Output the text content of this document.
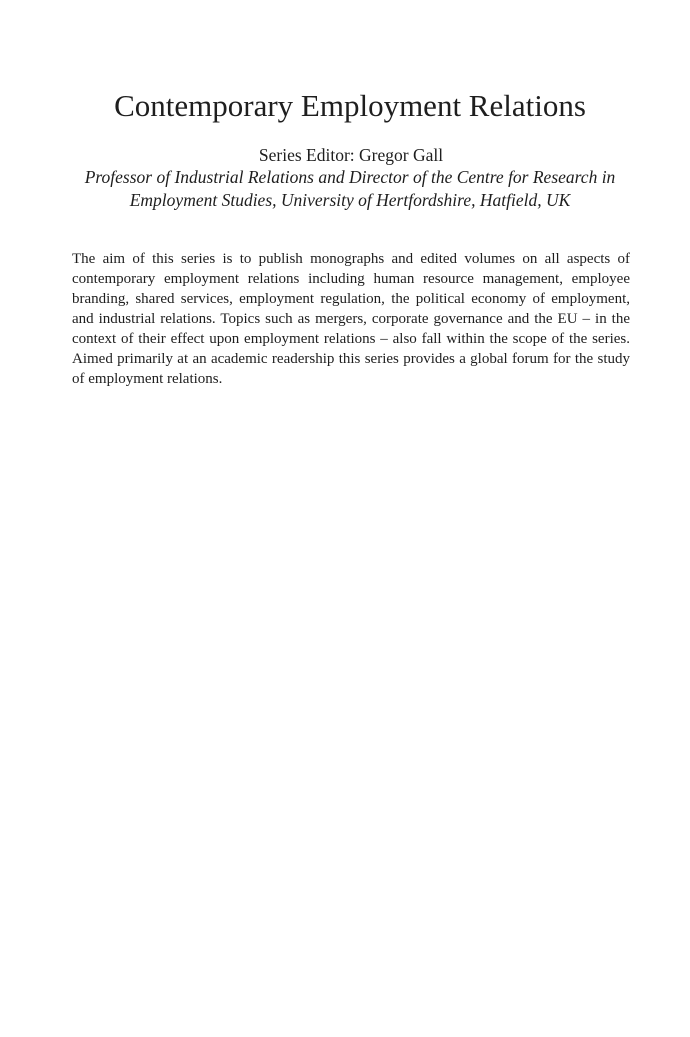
Contemporary Employment Relations

Series Editor: Gregor Gall

Professor of Industrial Relations and Director of the Centre for Research in Employment Studies, University of Hertfordshire, Hatfield, UK

The aim of this series is to publish monographs and edited volumes on all aspects of contemporary employment relations including human resource management, employee branding, shared services, employment regulation, the political economy of employment, and industrial relations. Topics such as mergers, corporate governance and the EU – in the context of their effect upon employment relations – also fall within the scope of the series. Aimed primarily at an academic readership this series provides a global forum for the study of employment relations.
